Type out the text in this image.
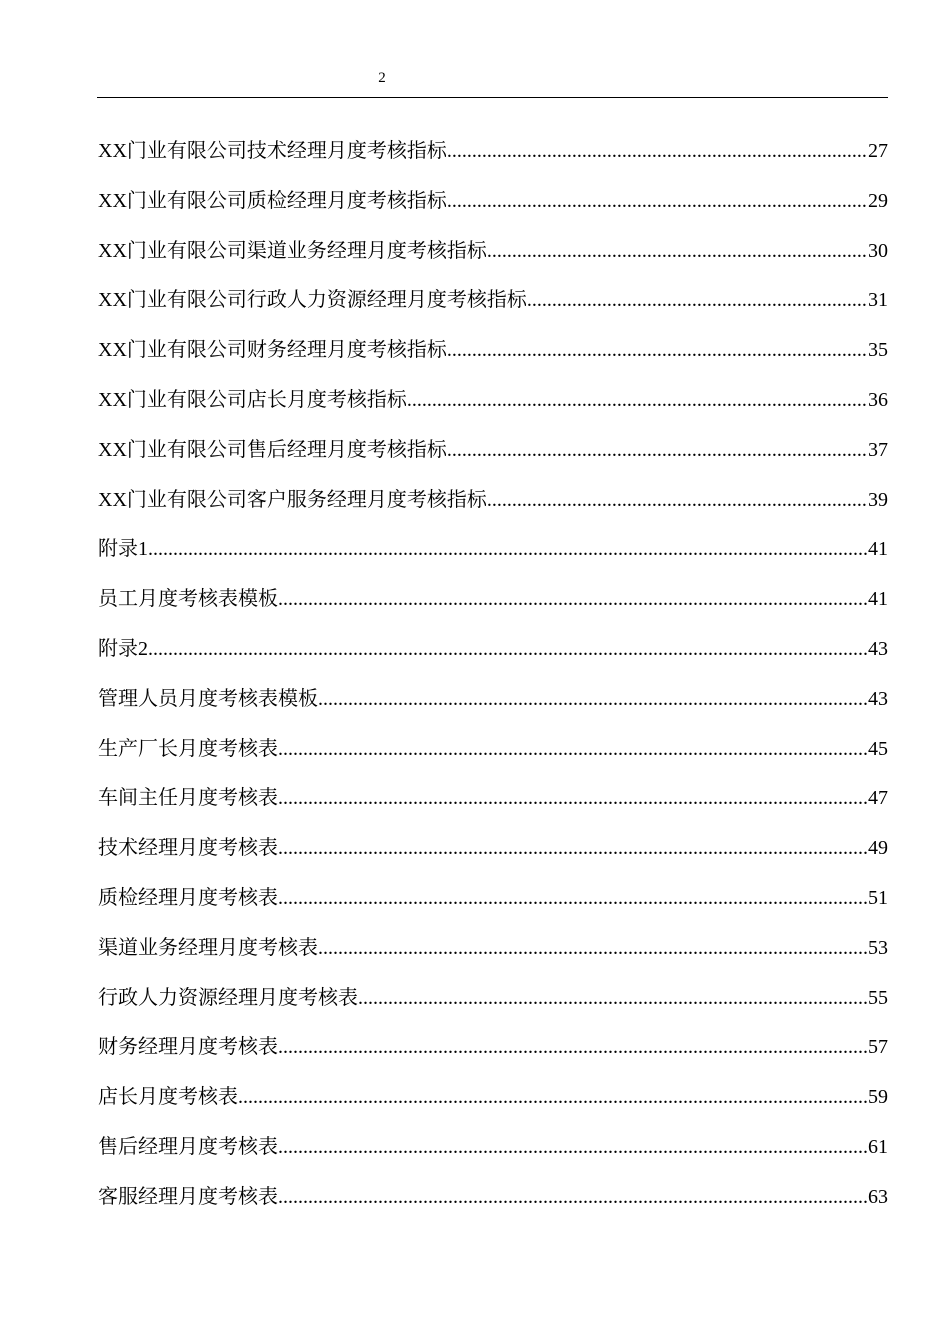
2
XX门业有限公司技术经理月度考核指标 .....	27
XX门业有限公司质检经理月度考核指标 .....	29
XX门业有限公司渠道业务经理月度考核指标 .....	30
XX门业有限公司行政人力资源经理月度考核指标 .....	31
XX门业有限公司财务经理月度考核指标 .....	35
XX门业有限公司店长月度考核指标 .....	36
XX门业有限公司售后经理月度考核指标 .....	37
XX门业有限公司客户服务经理月度考核指标 .....	39
附录1 .....	41
员工月度考核表模板 .....	41
附录2 .....	43
管理人员月度考核表模板 .....	43
生产厂长月度考核表 .....	45
车间主任月度考核表 .....	47
技术经理月度考核表 .....	49
质检经理月度考核表 .....	51
渠道业务经理月度考核表 .....	53
行政人力资源经理月度考核表 .....	55
财务经理月度考核表 .....	57
店长月度考核表 .....	59
售后经理月度考核表 .....	61
客服经理月度考核表 .....	63
